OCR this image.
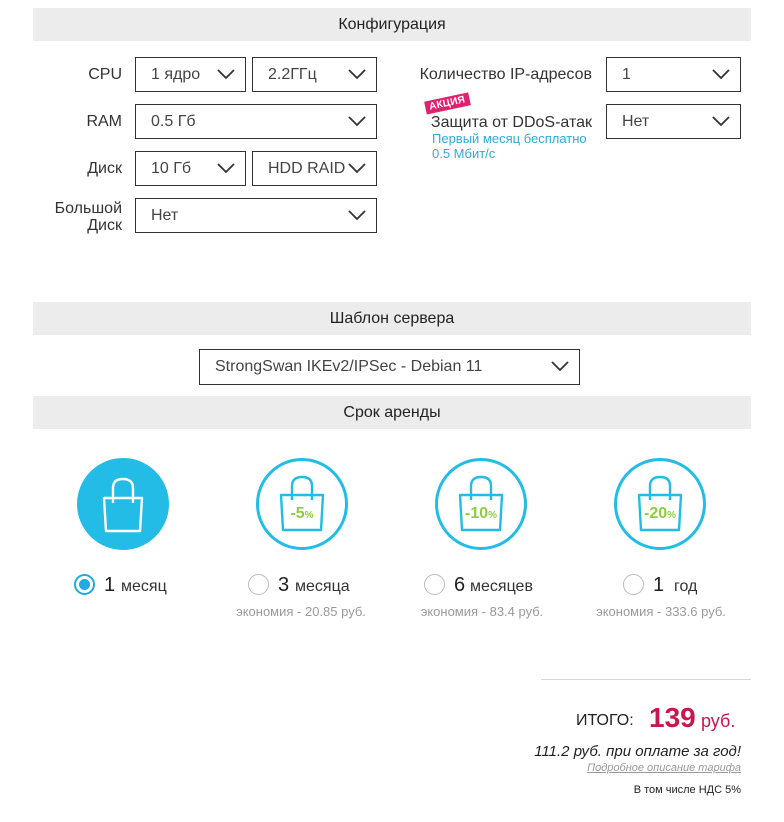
Конфигурация
CPU 1 ядро	2.2ГГц
RAM 0.5 Гб
Диск 10 Гб	HDD RAID
Большой
Диск
Нет
Количество IP-адресов 1
АКЦИЯ
Защита от DDoS-атак
Первый месяц бесплатно
0.5 Мбит/с
Нет
Шаблон сервера
StrongSwan IKEv2/IPSec - Debian 11
Срок аренды
1 месяц
-5%
3 месяца
экономия - 20.85 руб.
-10%
6 месяцев
экономия - 83.4 руб.
-20%
1 год
экономия - 333.6 руб.
ИТОГО: 139 руб.
111.2 руб. при оплате за год!
Подробное описание тарифа
В том числе НДС 5%
